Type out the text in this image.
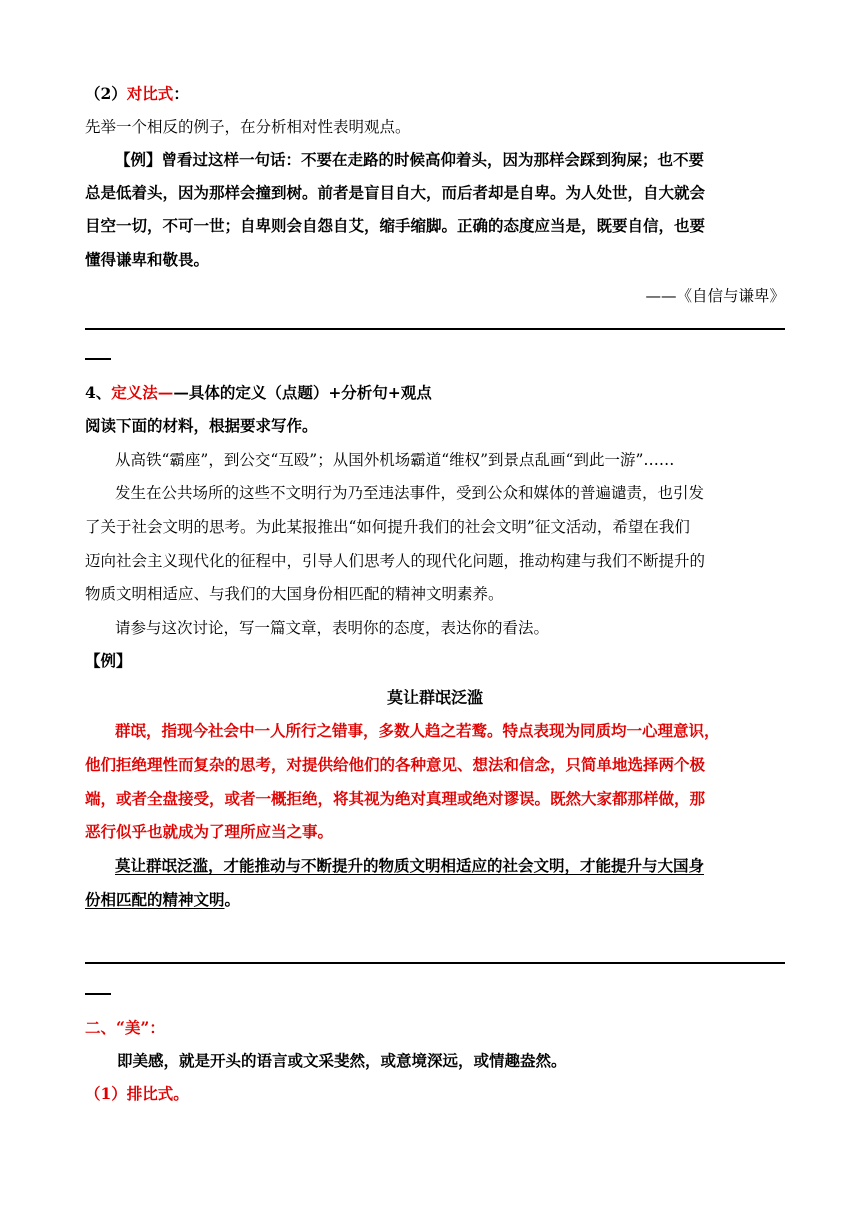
（2）对比式：
先举一个相反的例子，在分析相对性表明观点。
【例】曾看过这样一句话：不要在走路的时候高仰着头，因为那样会踩到狗屎；也不要
总是低着头，因为那样会撞到树。前者是盲目自大，而后者却是自卑。为人处世，自大就会
目空一切，不可一世；自卑则会自怨自艾，缩手缩脚。正确的态度应当是，既要自信，也要
懂得谦卑和敬畏。
——《自信与谦卑》
4、定义法——具体的定义（点题）+分析句+观点
阅读下面的材料，根据要求写作。
从高铁“霸座”，到公交“互殴”；从国外机场霸道“维权”到景点乱画“到此一游”……
发生在公共场所的这些不文明行为乃至违法事件，受到公众和媒体的普遍谴责，也引发
了关于社会文明的思考。为此某报推出“如何提升我们的社会文明”征文活动，希望在我们
迈向社会主义现代化的征程中，引导人们思考人的现代化问题，推动构建与我们不断提升的
物质文明相适应、与我们的大国身份相匹配的精神文明素养。
请参与这次讨论，写一篇文章，表明你的态度，表达你的看法。
【例】
莫让群氓泛滥
群氓，指现今社会中一人所行之错事，多数人趋之若鹜。特点表现为同质均一心理意识，
他们拒绝理性而复杂的思考，对提供给他们的各种意见、想法和信念，只简单地选择两个极
端，或者全盘接受，或者一概拒绝，将其视为绝对真理或绝对谬误。既然大家都那样做，那
恶行似乎也就成为了理所应当之事。
莫让群氓泛滥，才能推动与不断提升的物质文明相适应的社会文明，才能提升与大国身
份相匹配的精神文明。
二、“美”：
即美感，就是开头的语言或文采斐然，或意境深远，或情趣盎然。
（1）排比式。
